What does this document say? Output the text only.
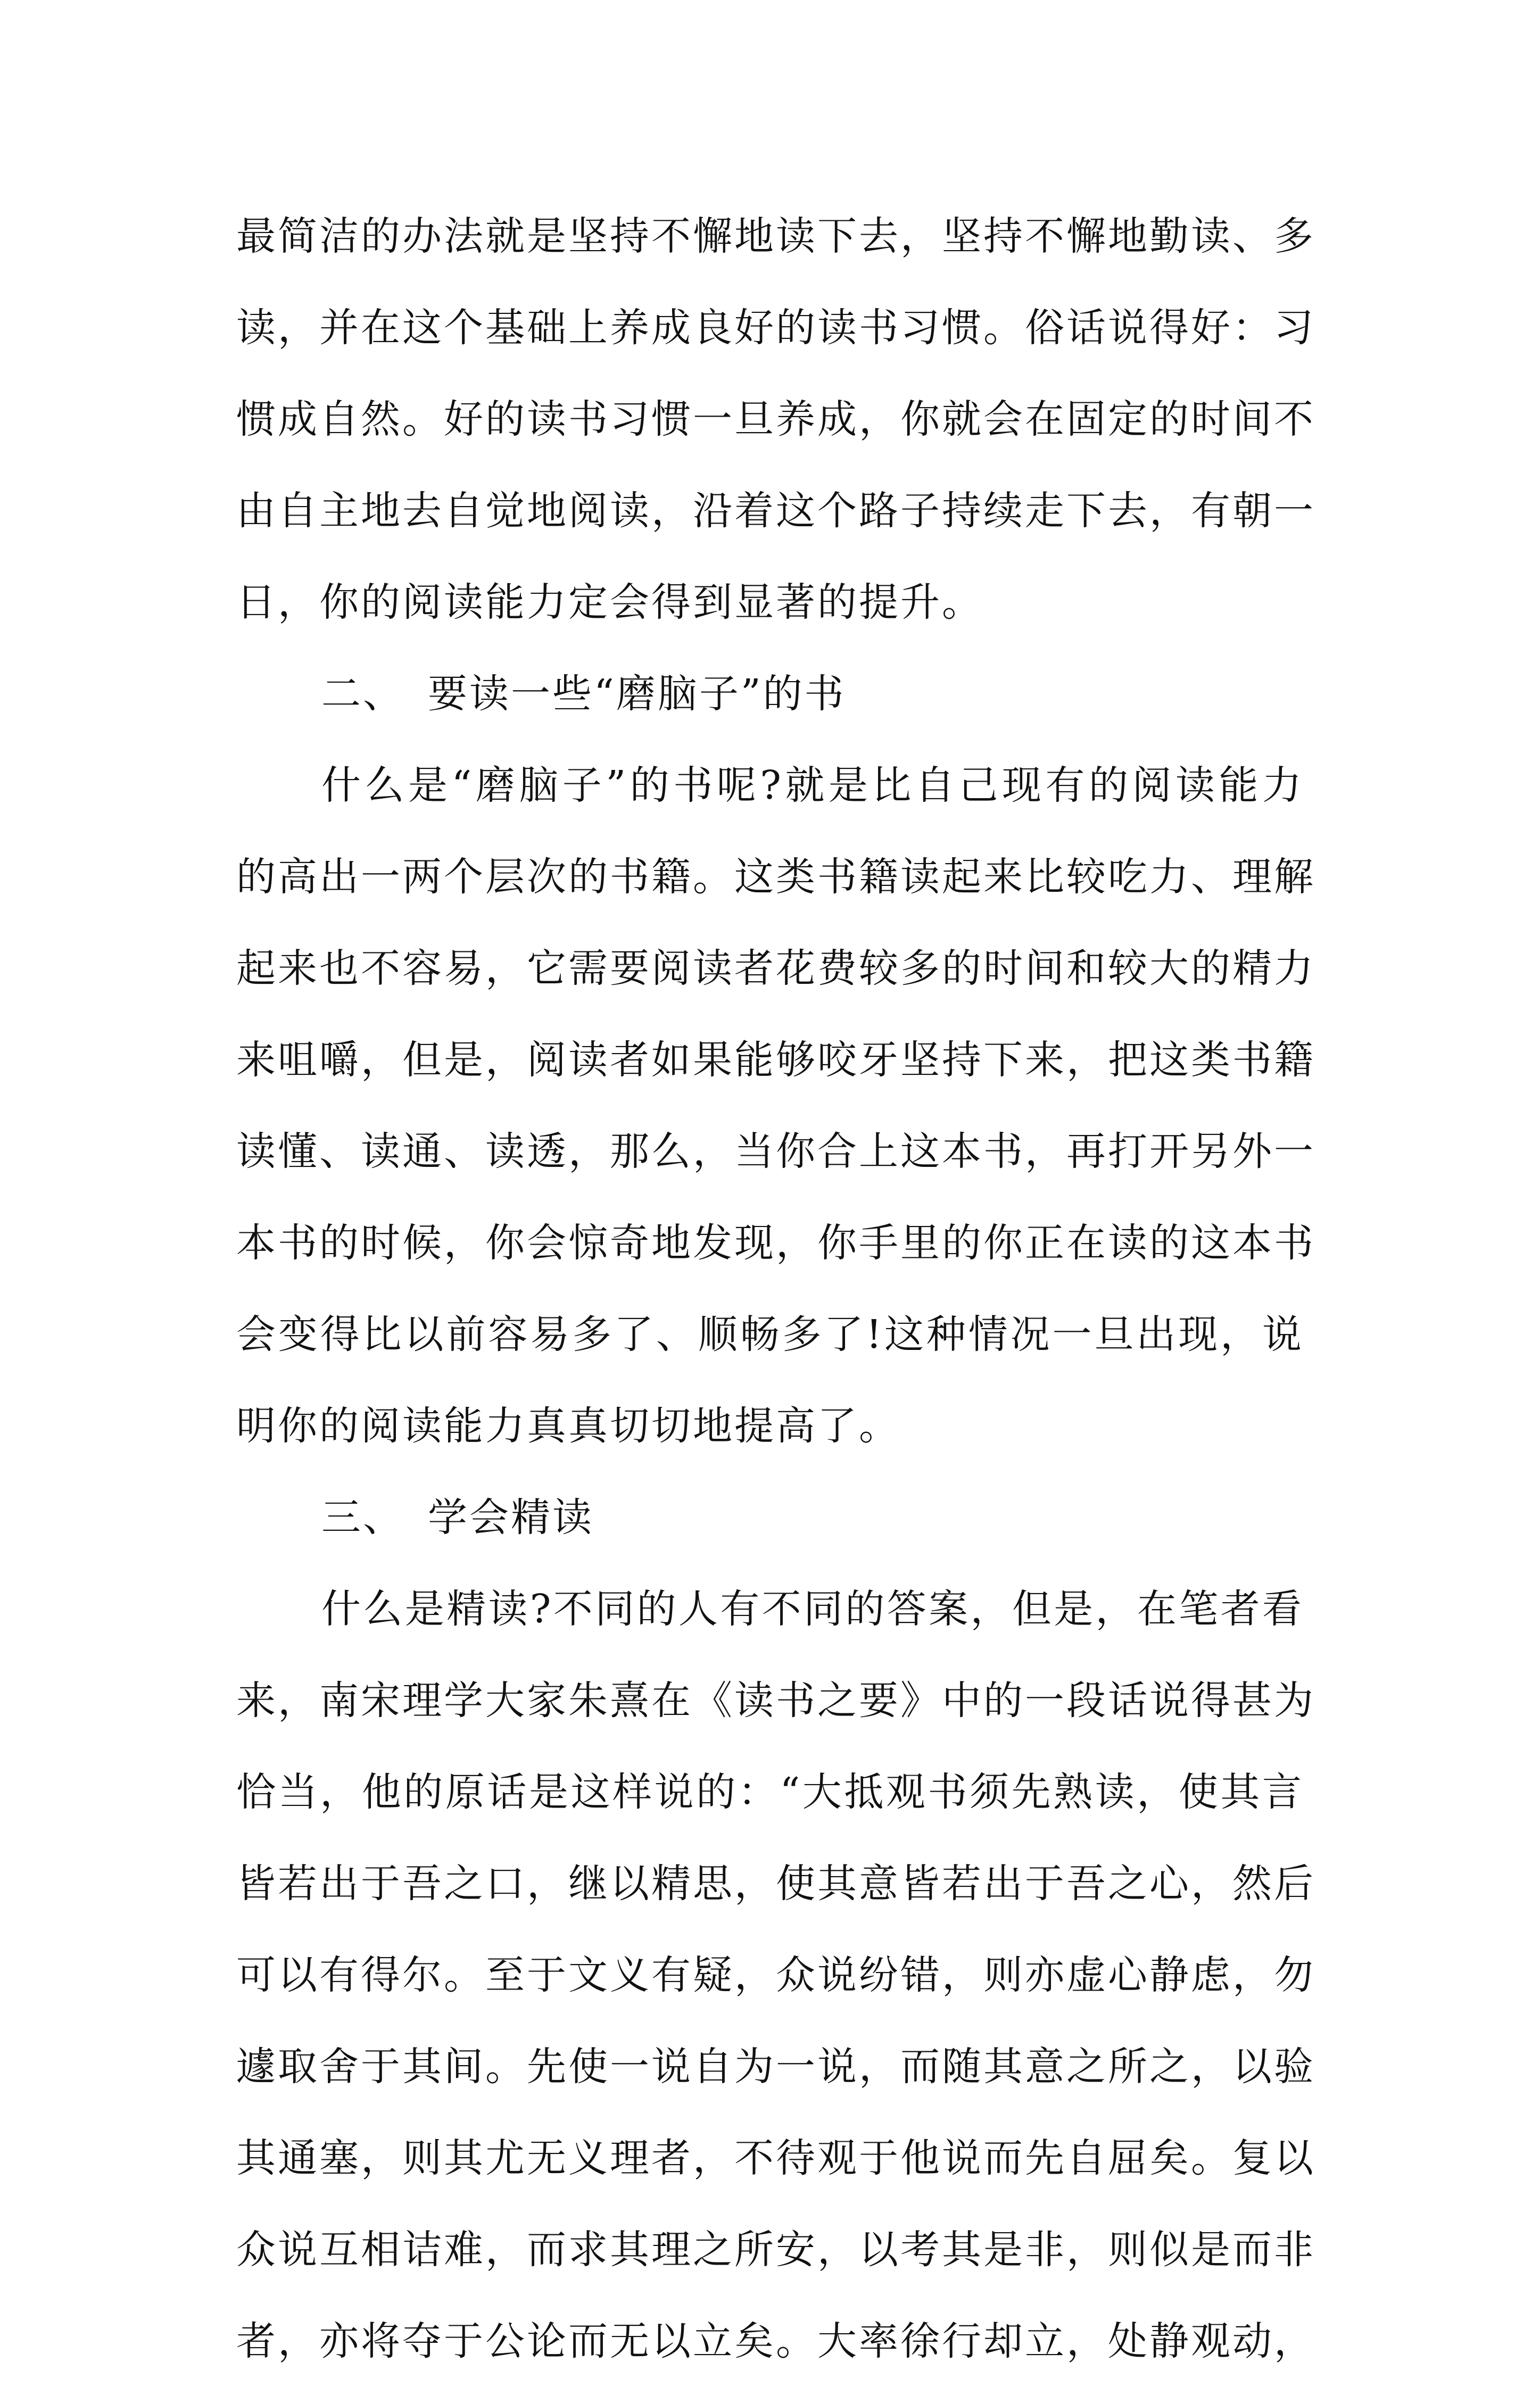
最简洁的办法就是坚持不懈地读下去，坚持不懈地勤读、多
读，并在这个基础上养成良好的读书习惯。俗话说得好：习
惯成自然。好的读书习惯一旦养成，你就会在固定的时间不
由自主地去自觉地阅读，沿着这个路子持续走下去，有朝一
日，你的阅读能力定会得到显著的提升。
二、 要读一些“磨脑子”的书
什么是“磨脑子”的书呢?就是比自己现有的阅读能力
的高出一两个层次的书籍。这类书籍读起来比较吃力、理解
起来也不容易，它需要阅读者花费较多的时间和较大的精力
来咀嚼，但是，阅读者如果能够咬牙坚持下来，把这类书籍
读懂、读通、读透，那么，当你合上这本书，再打开另外一
本书的时候，你会惊奇地发现，你手里的你正在读的这本书
会变得比以前容易多了、顺畅多了!这种情况一旦出现，说
明你的阅读能力真真切切地提高了。
三、 学会精读
什么是精读?不同的人有不同的答案，但是，在笔者看
来，南宋理学大家朱熹在《读书之要》中的一段话说得甚为
恰当，他的原话是这样说的：“大抵观书须先熟读，使其言
皆若出于吾之口，继以精思，使其意皆若出于吾之心，然后
可以有得尔。至于文义有疑，众说纷错，则亦虚心静虑，勿
遽取舍于其间。先使一说自为一说，而随其意之所之，以验
其通塞，则其尤无义理者，不待观于他说而先自屈矣。复以
众说互相诘难，而求其理之所安，以考其是非，则似是而非
者，亦将夺于公论而无以立矣。大率徐行却立，处静观动，
